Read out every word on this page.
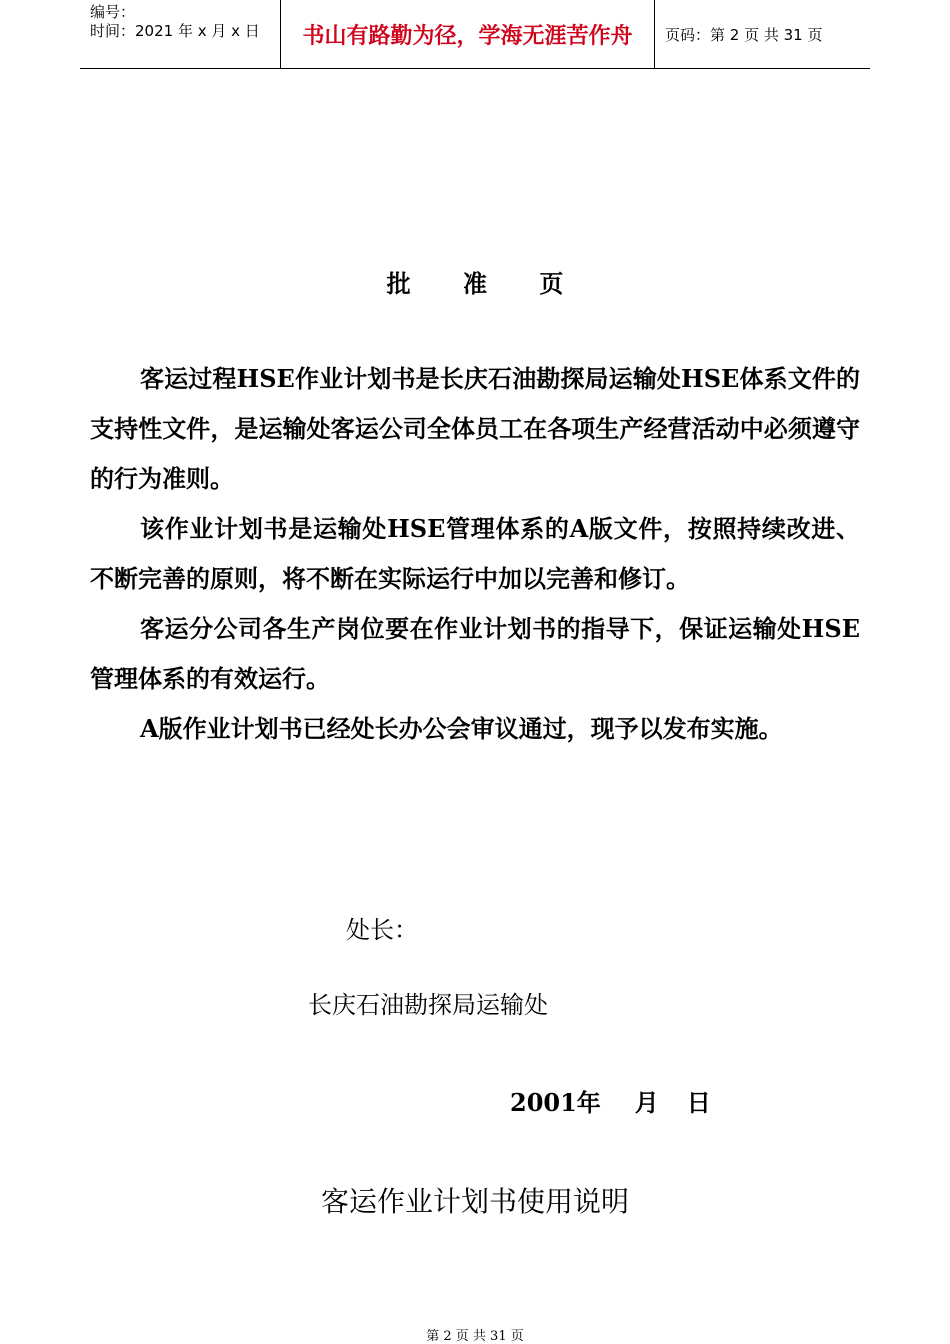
编号：
时间：2021 年 x 月 x 日	书山有路勤为径，学海无涯苦作舟	页码：第 2 页 共 31 页
批 准 页

客运过程HSE作业计划书是长庆石油勘探局运输处HSE体系文件的支持性文件，是运输处客运公司全体员工在各项生产经营活动中必须遵守的行为准则。

该作业计划书是运输处HSE管理体系的A版文件，按照持续改进、不断完善的原则，将不断在实际运行中加以完善和修订。

客运分公司各生产岗位要在作业计划书的指导下，保证运输处HSE管理体系的有效运行。

A版作业计划书已经处长办公会审议通过，现予以发布实施。

处长：
长庆石油勘探局运输处
2001年 月 日
客运作业计划书使用说明
第 2 页 共 31 页
